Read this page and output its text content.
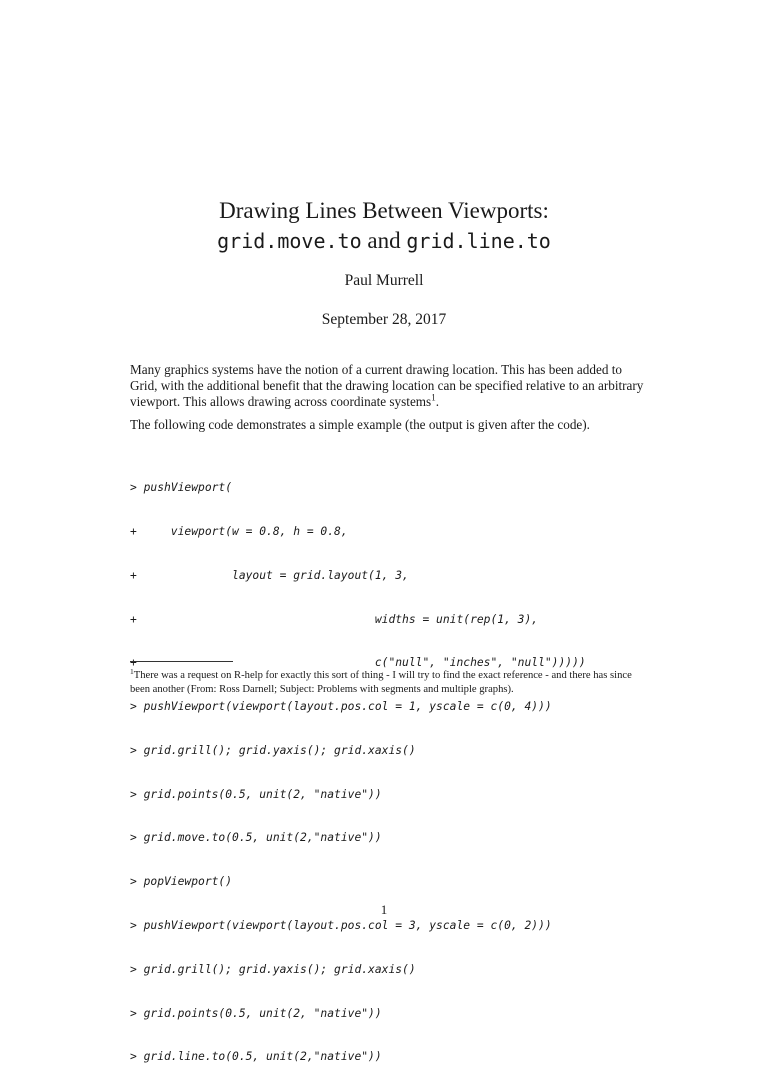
Drawing Lines Between Viewports:
grid.move.to and grid.line.to
Paul Murrell
September 28, 2017

Many graphics systems have the notion of a current drawing location. This has been added to Grid, with the additional benefit that the drawing location can be specified relative to an arbitrary viewport. This allows drawing across coordinate systems$^1$.

The following code demonstrates a simple example (the output is given after the code).

> pushViewport(

+     viewport(w = 0.8, h = 0.8,

+              layout = grid.layout(1, 3,

+                                   widths = unit(rep(1, 3),

+                                   c("null", "inches", "null")))))

> pushViewport(viewport(layout.pos.col = 1, yscale = c(0, 4)))

> grid.grill(); grid.yaxis(); grid.xaxis()

> grid.points(0.5, unit(2, "native"))

> grid.move.to(0.5, unit(2,"native"))

> popViewport()

> pushViewport(viewport(layout.pos.col = 3, yscale = c(0, 2)))

> grid.grill(); grid.yaxis(); grid.xaxis()

> grid.points(0.5, unit(2, "native"))

> grid.line.to(0.5, unit(2,"native"))

$^1$There was a request on R-help for exactly this sort of thing - I will try to find the exact reference - and there has since been another (From: Ross Darnell; Subject: Problems with segments and multiple graphs).

1
